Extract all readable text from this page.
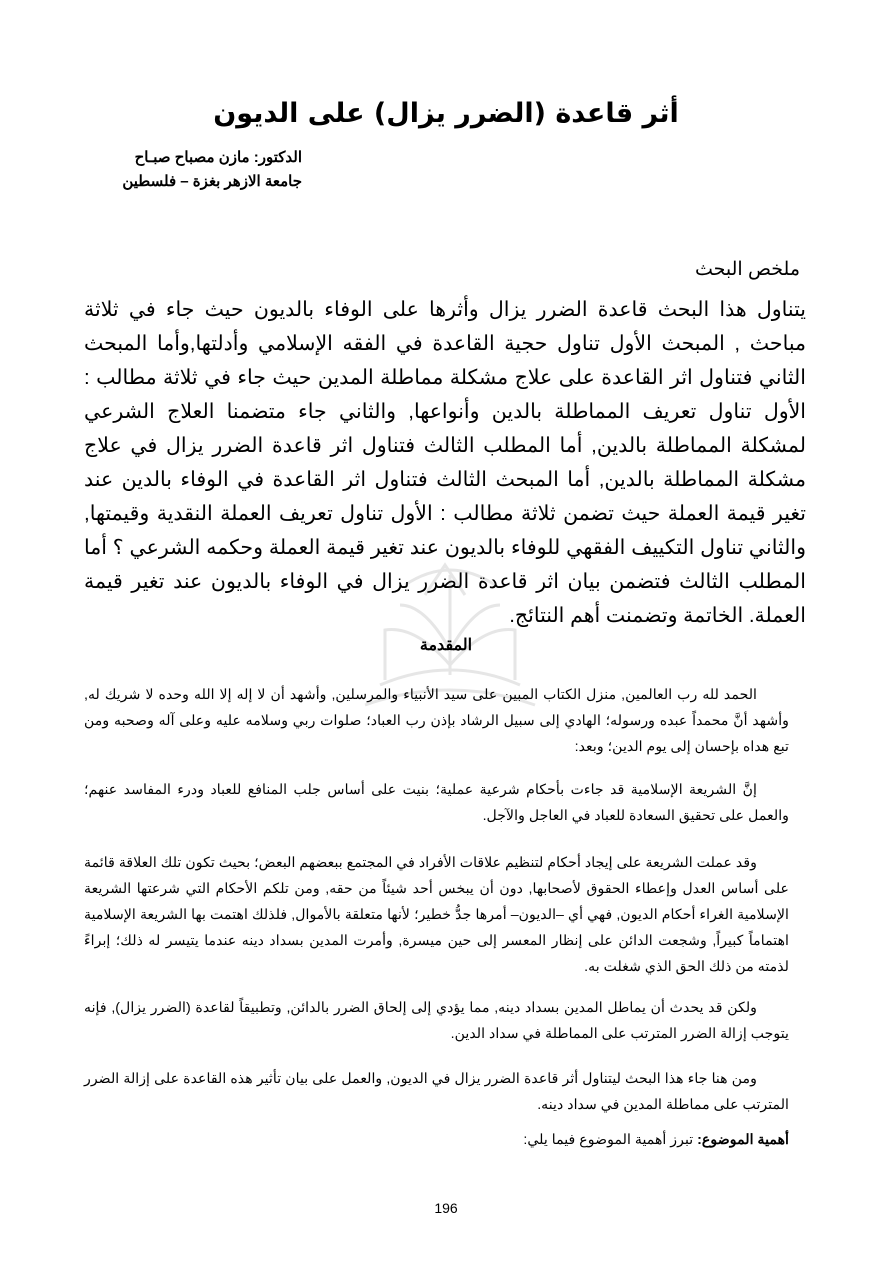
أثر قاعدة (الضرر يزال) على الديون
الدكتور: مازن مصباح صبـاح
جامعة الازهر بغزة – فلسطين
ملخص البحث
يتناول هذا البحث قاعدة الضرر يزال وأثرها على الوفاء بالديون حيث جاء في ثلاثة مباحث , المبحث الأول تناول حجية القاعدة في الفقه الإسلامي وأدلتها,وأما المبحث الثاني فتناول اثر القاعدة على علاج مشكلة مماطلة المدين حيث جاء في ثلاثة مطالب : الأول تناول تعريف المماطلة بالدين وأنواعها, والثاني جاء متضمنا العلاج الشرعي لمشكلة المماطلة بالدين, أما المطلب الثالث فتناول اثر قاعدة الضرر يزال في علاج مشكلة المماطلة بالدين, أما المبحث الثالث فتناول اثر القاعدة في الوفاء بالدين عند تغير قيمة العملة حيث تضمن ثلاثة مطالب : الأول تناول تعريف العملة النقدية وقيمتها, والثاني تناول التكييف الفقهي للوفاء بالديون عند تغير قيمة العملة وحكمه الشرعي ؟ أما المطلب الثالث فتضمن بيان اثر قاعدة الضرر يزال في الوفاء بالديون عند تغير قيمة العملة. الخاتمة وتضمنت أهم النتائج.
المقدمة

الحمد لله رب العالمين, منزل الكتاب المبين على سيد الأنبياء والمرسلين, وأشهد أن لا إله إلا الله وحده لا شريك له, وأشهد أنَّ محمداً عبده ورسوله؛ الهادي إلى سبيل الرشاد بإذن رب العباد؛ صلوات ربي وسلامه عليه وعلى آله وصحبه ومن تبع هداه بإحسان إلى يوم الدين؛ وبعد:

إنَّ الشريعة الإسلامية قد جاءت بأحكام شرعية عملية؛ بنيت على أساس جلب المنافع للعباد ودرء المفاسد عنهم؛ والعمل على تحقيق السعادة للعباد في العاجل والآجل.

وقد عملت الشريعة على إيجاد أحكام لتنظيم علاقات الأفراد في المجتمع ببعضهم البعض؛ بحيث تكون تلك العلاقة قائمة على أساس العدل وإعطاء الحقوق لأصحابها, دون أن يبخس أحد شيئاً من حقه, ومن تلكم الأحكام التي شرعتها الشريعة الإسلامية الغراء أحكام الديون, فهي أي –الديون– أمرها جدُّ خطير؛ لأنها متعلقة بالأموال, فلذلك اهتمت بها الشريعة الإسلامية اهتماماً كبيراً, وشجعت الدائن على إنظار المعسر إلى حين ميسرة, وأمرت المدين بسداد دينه عندما يتيسر له ذلك؛ إبراءً لذمته من ذلك الحق الذي شغلت به.

ولكن قد يحدث أن يماطل المدين بسداد دينه, مما يؤدي إلى إلحاق الضرر بالدائن, وتطبيقاً لقاعدة (الضرر يزال), فإنه يتوجب إزالة الضرر المترتب على المماطلة في سداد الدين.

ومن هنا جاء هذا البحث ليتناول أثر قاعدة الضرر يزال في الديون, والعمل على بيان تأثير هذه القاعدة على إزالة الضرر المترتب على مماطلة المدين في سداد دينه.

أهمية الموضوع: تبرز أهمية الموضوع فيما يلي:

196
